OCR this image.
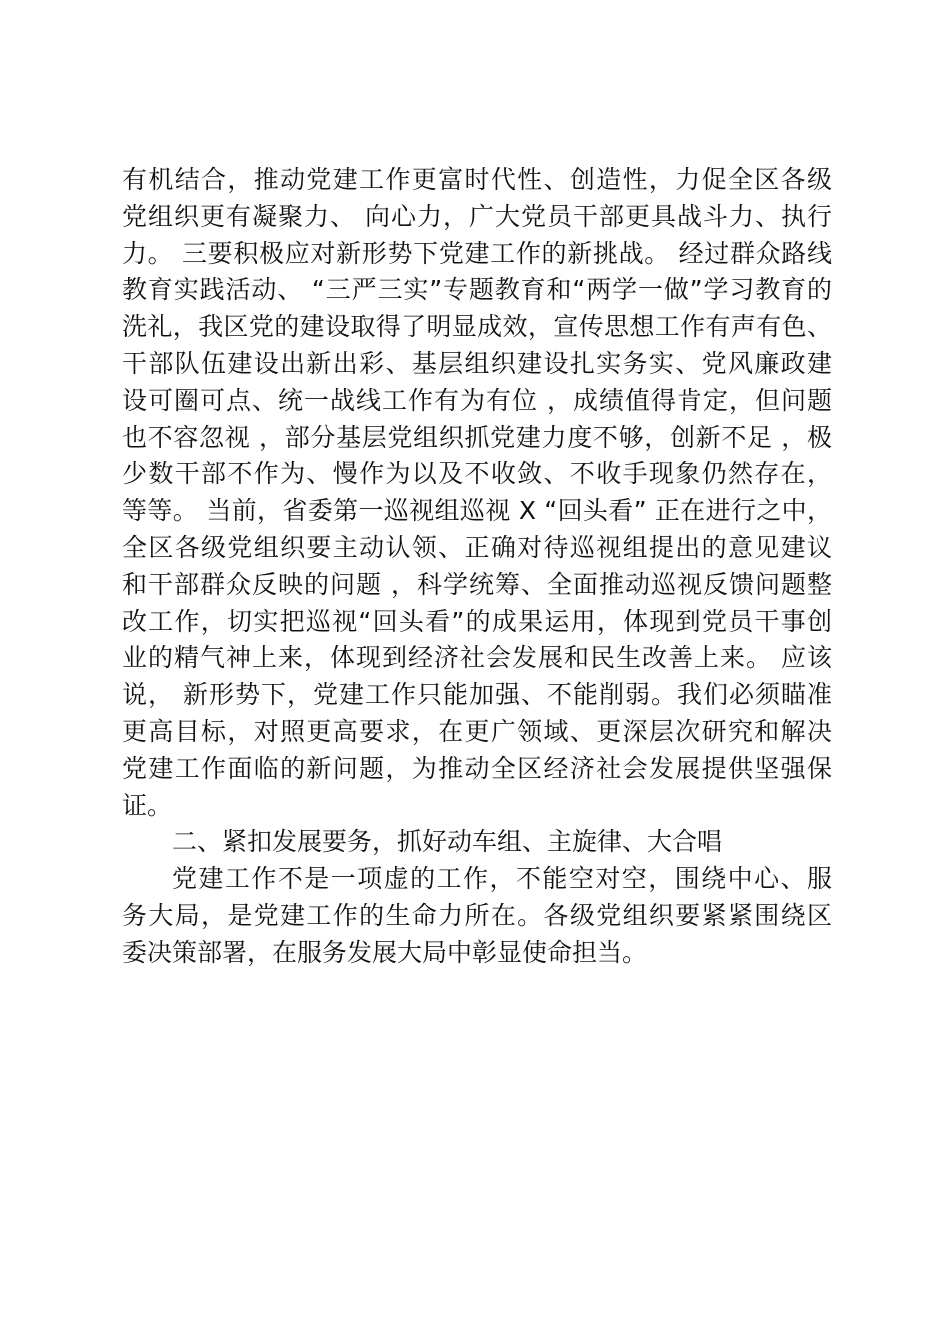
有机结合，推动党建工作更富时代性、创造性，力促全区各级
党组织更有凝聚力、 向心力，广大党员干部更具战斗力、执行
力。 三要积极应对新形势下党建工作的新挑战。 经过群众路线
教育实践活动、 “三严三实”专题教育和“两学一做”学习教育的
洗礼，我区党的建设取得了明显成效，宣传思想工作有声有色、
干部队伍建设出新出彩、基层组织建设扎实务实、党风廉政建
设可圈可点、统一战线工作有为有位 ，成绩值得肯定，但问题
也不容忽视 ，部分基层党组织抓党建力度不够，创新不足 ，极
少数干部不作为、慢作为以及不收敛、不收手现象仍然存在，
等等。 当前，省委第一巡视组巡视 X “回头看” 正在进行之中，
全区各级党组织要主动认领、正确对待巡视组提出的意见建议
和干部群众反映的问题 ，科学统筹、全面推动巡视反馈问题整
改工作，切实把巡视“回头看”的成果运用，体现到党员干事创
业的精气神上来，体现到经济社会发展和民生改善上来。 应该
说， 新形势下，党建工作只能加强、不能削弱。我们必须瞄准
更高目标，对照更高要求，在更广领域、更深层次研究和解决
党建工作面临的新问题，为推动全区经济社会发展提供坚强保
证。
二、紧扣发展要务，抓好动车组、主旋律、大合唱
党建工作不是一项虚的工作，不能空对空，围绕中心、服
务大局，是党建工作的生命力所在。各级党组织要紧紧围绕区
委决策部署，在服务发展大局中彰显使命担当。
